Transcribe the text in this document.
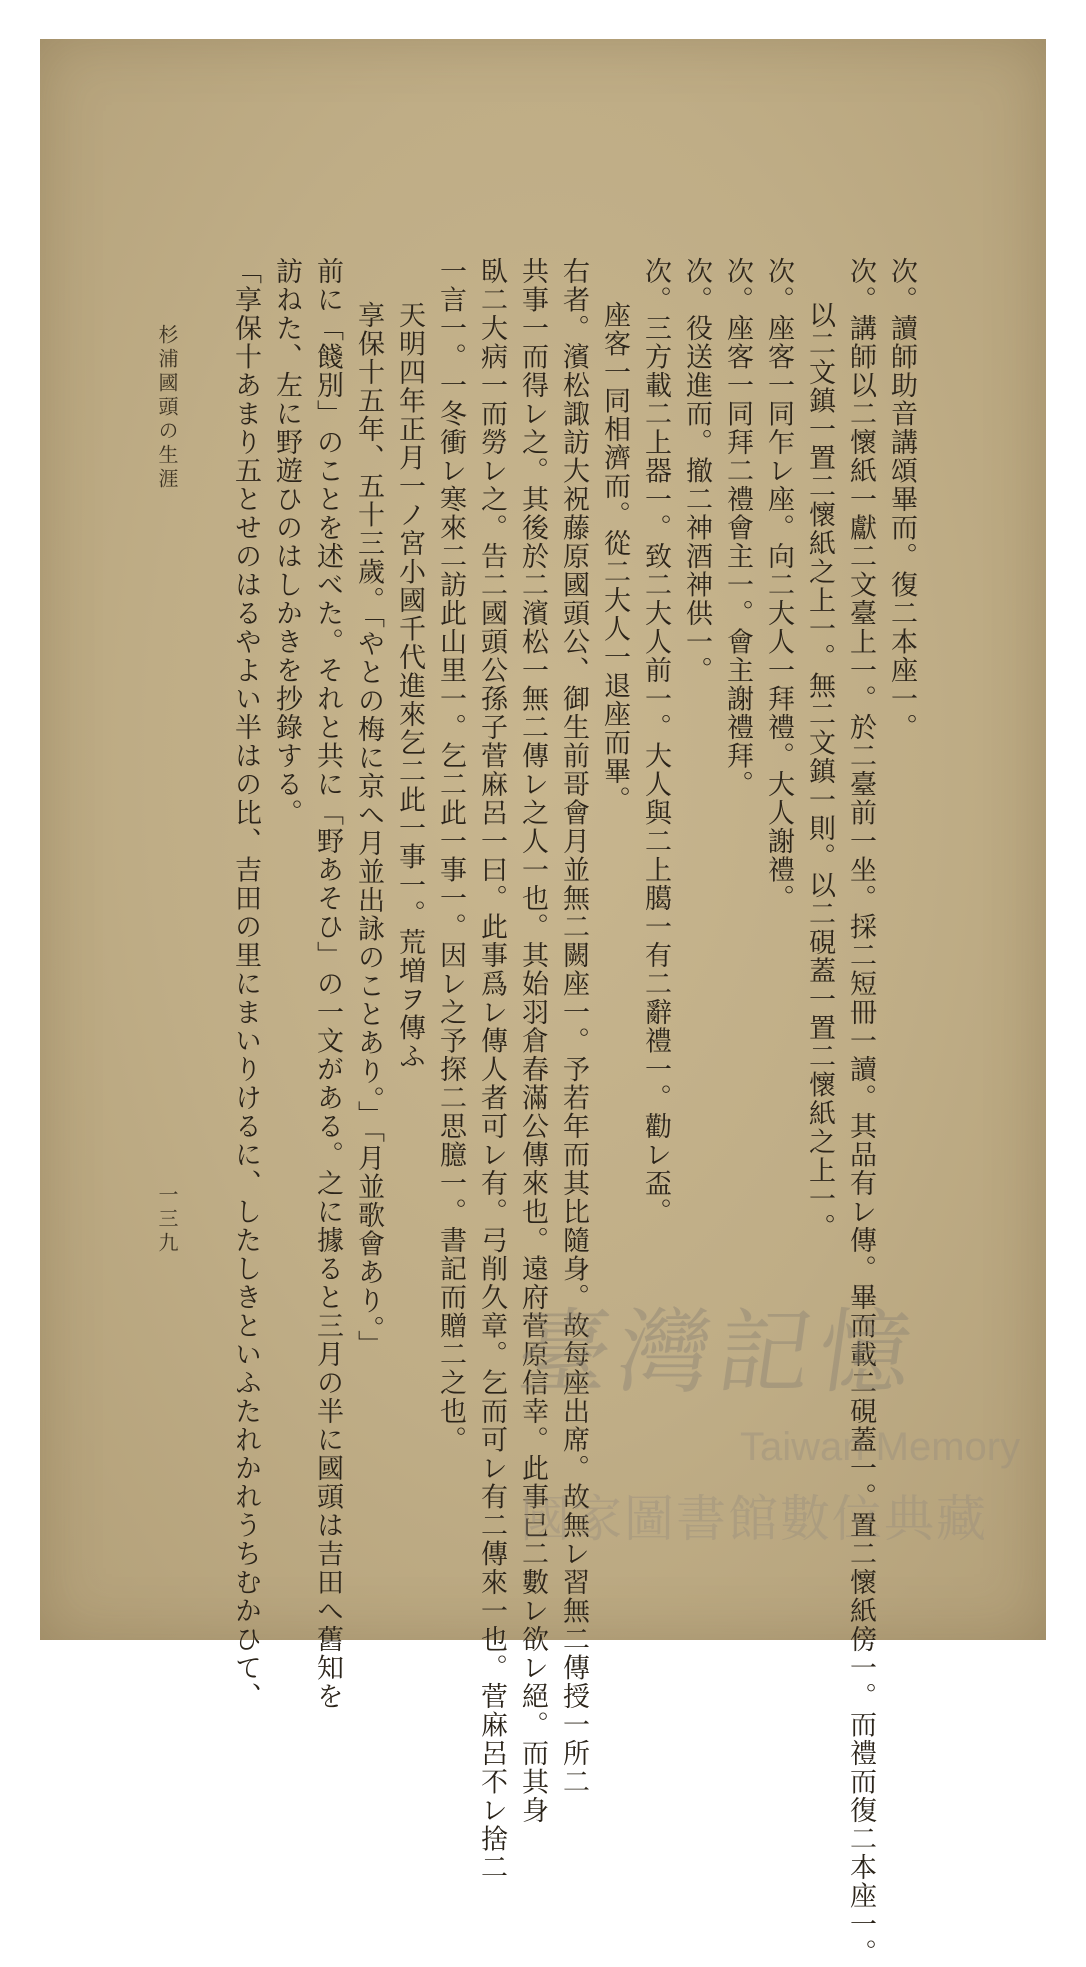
次。讀師助音講頌畢而。復二本座一。
次。講師以二懷紙一獻二文臺上一。於二臺前一坐。採二短冊一讀。其品有レ傳。畢而載二硯蓋一。置二懷紙傍一。而禮而復二本座一。
以二文鎮一置二懷紙之上一。無二文鎮一則。以二硯蓋一置二懷紙之上一。
次。座客一同乍レ座。向二大人一拜禮。大人謝禮。
次。座客一同拜二禮會主一。會主謝禮拜。
次。役送進而。撤二神酒神供一。
次。三方載二上器一。致二大人前一。大人與二上臈一有二辭禮一。勸レ盃。
座客一同相濟而。從二大人一退座而畢。
右者。濱松諏訪大祝藤原國頭公、御生前哥會月並無二闕座一。予若年而其比隨身。故每座出席。故無レ習無二傳授一所二
共事一而得レ之。其後於二濱松一無二傳レ之人一也。其始羽倉春滿公傳來也。遠府菅原信幸。此事已二數レ欲レ絕。而其身
臥二大病一而勞レ之。告二國頭公孫子菅麻呂一曰。此事爲レ傳人者可レ有。弓削久章。乞而可レ有二傳來一也。菅麻呂不レ捨二
一言一。一冬衝レ寒來二訪此山里一。乞二此一事一。因レ之予探二思臆一。書記而贈二之也。
天明四年正月一ノ宮小國千代進來乞二此一事一。荒増ヲ傳ふ
享保十五年、五十三歲。「やとの梅に京へ月並出詠のことあり。」「月並歌會あり。」
前に「餞別」のことを述べた。それと共に「野あそひ」の一文がある。之に據ると三月の半に國頭は吉田へ舊知を
訪ねた、左に野遊ひのはしかきを抄錄する。
「享保十あまり五とせのはるやよい半はの比、吉田の里にまいりけるに、したしきといふたれかれうちむかひて、
杉浦國頭の生涯
一三九
臺灣記憶
Taiwan Memory
國家圖書館數位典藏
